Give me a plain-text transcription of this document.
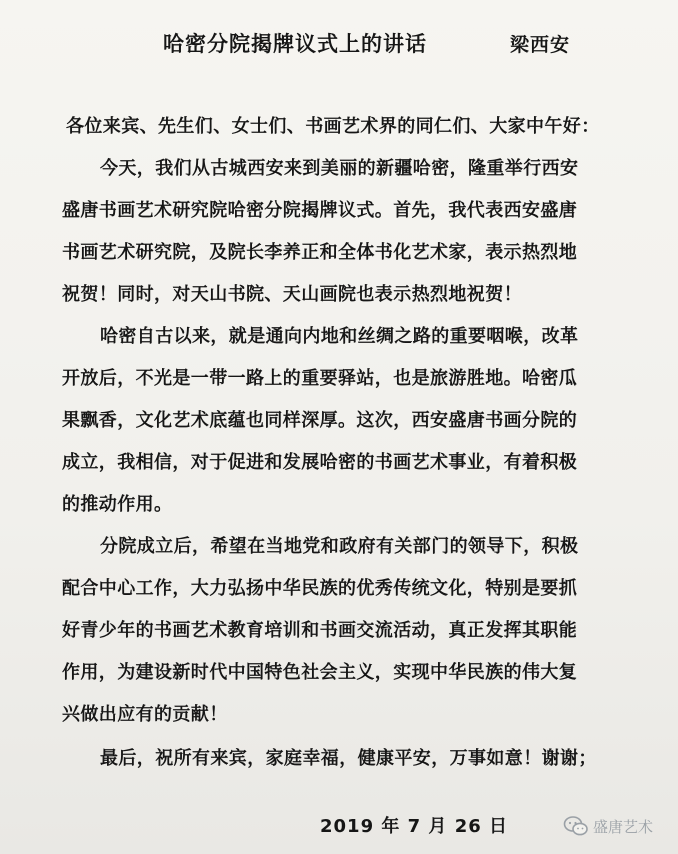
哈密分院揭牌议式上的讲话	梁西安
各位来宾、先生们、女士们、书画艺术界的同仁们、大家中午好：
今天，我们从古城西安来到美丽的新疆哈密，隆重举行西安
盛唐书画艺术研究院哈密分院揭牌议式。首先，我代表西安盛唐
书画艺术研究院，及院长李养正和全体书化艺术家，表示热烈地
祝贺！同时，对天山书院、天山画院也表示热烈地祝贺！
哈密自古以来，就是通向内地和丝绸之路的重要咽喉，改革
开放后，不光是一带一路上的重要驿站，也是旅游胜地。哈密瓜
果飘香，文化艺术底蕴也同样深厚。这次，西安盛唐书画分院的
成立，我相信，对于促进和发展哈密的书画艺术事业，有着积极
的推动作用。
分院成立后，希望在当地党和政府有关部门的领导下，积极
配合中心工作，大力弘扬中华民族的优秀传统文化，特别是要抓
好青少年的书画艺术教育培训和书画交流活动，真正发挥其职能
作用，为建设新时代中国特色社会主义，实现中华民族的伟大复
兴做出应有的贡献！
最后，祝所有来宾，家庭幸福，健康平安，万事如意！谢谢；
2019 年 7 月 26 日	盛唐艺术
